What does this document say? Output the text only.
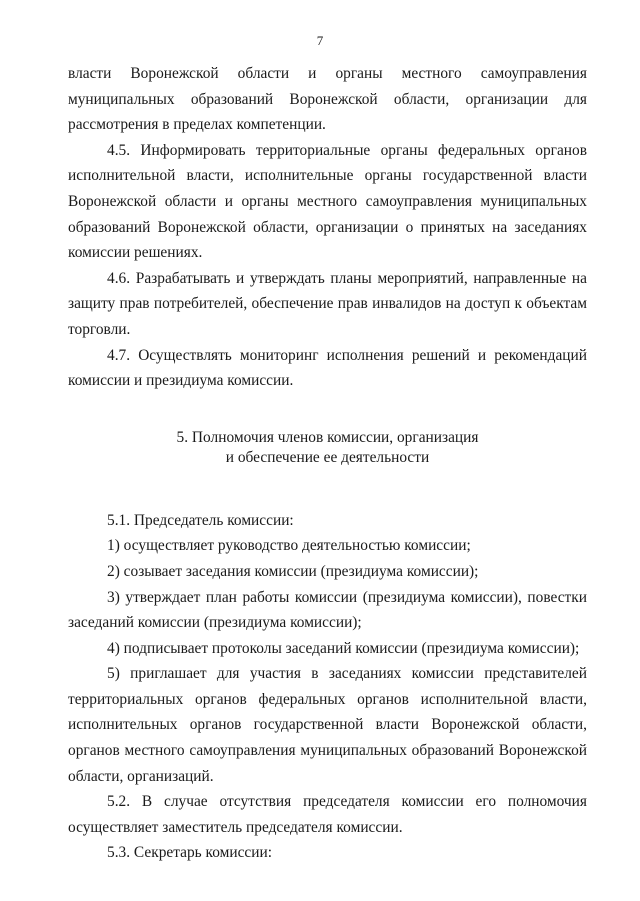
7

власти Воронежской области и органы местного самоуправления муниципальных образований Воронежской области, организации для рассмотрения в пределах компетенции.

4.5. Информировать территориальные органы федеральных органов исполнительной власти, исполнительные органы государственной власти Воронежской области и органы местного самоуправления муниципальных образований Воронежской области, организации о принятых на заседаниях комиссии решениях.

4.6. Разрабатывать и утверждать планы мероприятий, направленные на защиту прав потребителей, обеспечение прав инвалидов на доступ к объектам торговли.

4.7. Осуществлять мониторинг исполнения решений и рекомендаций комиссии и президиума комиссии.

5. Полномочия членов комиссии, организация
и обеспечение ее деятельности

5.1. Председатель комиссии:

1) осуществляет руководство деятельностью комиссии;

2) созывает заседания комиссии (президиума комиссии);

3) утверждает план работы комиссии (президиума комиссии), повестки заседаний комиссии (президиума комиссии);

4) подписывает протоколы заседаний комиссии (президиума комиссии);

5) приглашает для участия в заседаниях комиссии представителей территориальных органов федеральных органов исполнительной власти, исполнительных органов государственной власти Воронежской области, органов местного самоуправления муниципальных образований Воронежской области, организаций.

5.2. В случае отсутствия председателя комиссии его полномочия осуществляет заместитель председателя комиссии.

5.3. Секретарь комиссии:
